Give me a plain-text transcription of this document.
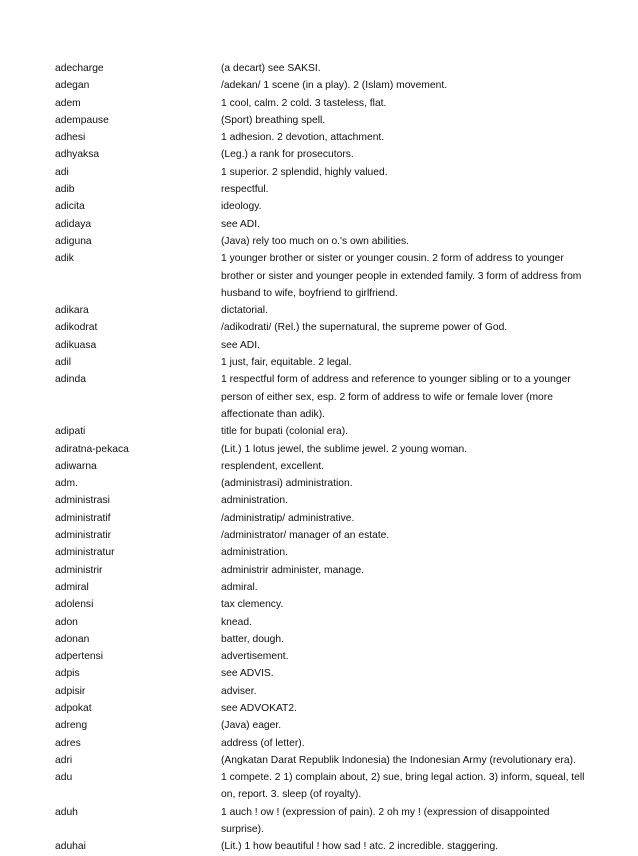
adecharge	(a decart) see SAKSI.
adegan	/adekan/ 1 scene (in a play). 2 (Islam) movement.
adem	1 cool, calm. 2 cold. 3 tasteless, flat.
adempause	(Sport) breathing spell.
adhesi	1 adhesion. 2 devotion, attachment.
adhyaksa	(Leg.) a rank for prosecutors.
adi	1 superior. 2 splendid, highly valued.
adib	respectful.
adicita	ideology.
adidaya	see ADI.
adiguna	(Java) rely too much on o.'s own abilities.
adik	1 younger brother or sister or younger cousin. 2 form of address to younger brother or sister and younger people in extended family. 3 form of address from husband to wife, boyfriend to girlfriend.
adikara	dictatorial.
adikodrat	/adikodrati/ (Rel.) the supernatural, the supreme power of God.
adikuasa	see ADI.
adil	1 just, fair, equitable. 2 legal.
adinda	1 respectful form of address and reference to younger sibling or to a younger person of either sex, esp. 2 form of address to wife or female lover (more affectionate than adik).
adipati	title for bupati (colonial era).
adiratna-pekaca	(Lit.) 1 lotus jewel, the sublime jewel. 2 young woman.
adiwarna	resplendent, excellent.
adm.	(administrasi) administration.
administrasi	administration.
administratif	/administratip/ administrative.
administratir	/administrator/ manager of an estate.
administratur	administration.
administrir	administrir administer, manage.
admiral	admiral.
adolensi	tax clemency.
adon	knead.
adonan	batter, dough.
adpertensi	advertisement.
adpis	see ADVIS.
adpisir	adviser.
adpokat	see ADVOKAT2.
adreng	(Java) eager.
adres	address (of letter).
adri	(Angkatan Darat Republik Indonesia) the Indonesian Army (revolutionary era).
adu	1 compete. 2 1) complain about, 2) sue, bring legal action. 3) inform, squeal, tell on, report. 3. sleep (of royalty).
aduh	1 auch ! ow ! (expression of pain). 2 oh my ! (expression of disappointed surprise).
aduhai	(Lit.) 1 how beautiful ! how sad ! atc. 2 incredible. staggering.
